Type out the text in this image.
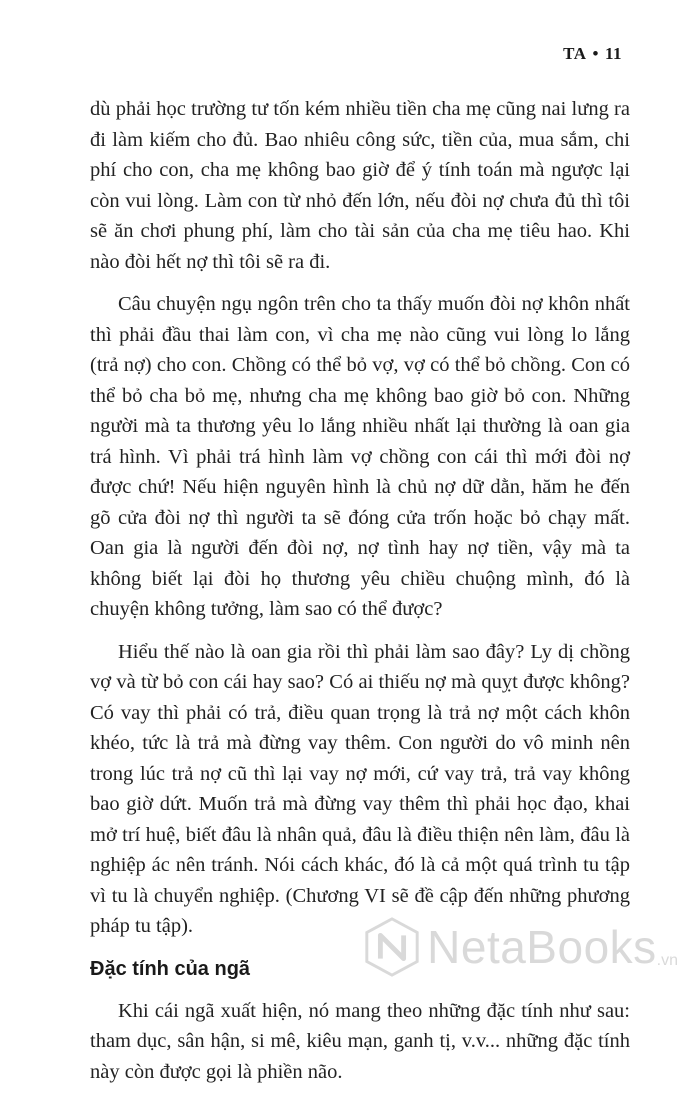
TA • 11

dù phải học trường tư tốn kém nhiều tiền cha mẹ cũng nai lưng ra đi làm kiếm cho đủ. Bao nhiêu công sức, tiền của, mua sắm, chi phí cho con, cha mẹ không bao giờ để ý tính toán mà ngược lại còn vui lòng. Làm con từ nhỏ đến lớn, nếu đòi nợ chưa đủ thì tôi sẽ ăn chơi phung phí, làm cho tài sản của cha mẹ tiêu hao. Khi nào đòi hết nợ thì tôi sẽ ra đi.

Câu chuyện ngụ ngôn trên cho ta thấy muốn đòi nợ khôn nhất thì phải đầu thai làm con, vì cha mẹ nào cũng vui lòng lo lắng (trả nợ) cho con. Chồng có thể bỏ vợ, vợ có thể bỏ chồng. Con có thể bỏ cha bỏ mẹ, nhưng cha mẹ không bao giờ bỏ con. Những người mà ta thương yêu lo lắng nhiều nhất lại thường là oan gia trá hình. Vì phải trá hình làm vợ chồng con cái thì mới đòi nợ được chứ! Nếu hiện nguyên hình là chủ nợ dữ dằn, hăm he đến gõ cửa đòi nợ thì người ta sẽ đóng cửa trốn hoặc bỏ chạy mất. Oan gia là người đến đòi nợ, nợ tình hay nợ tiền, vậy mà ta không biết lại đòi họ thương yêu chiều chuộng mình, đó là chuyện không tưởng, làm sao có thể được?

Hiểu thế nào là oan gia rồi thì phải làm sao đây? Ly dị chồng vợ và từ bỏ con cái hay sao? Có ai thiếu nợ mà quỵt được không? Có vay thì phải có trả, điều quan trọng là trả nợ một cách khôn khéo, tức là trả mà đừng vay thêm. Con người do vô minh nên trong lúc trả nợ cũ thì lại vay nợ mới, cứ vay trả, trả vay không bao giờ dứt. Muốn trả mà đừng vay thêm thì phải học đạo, khai mở trí huệ, biết đâu là nhân quả, đâu là điều thiện nên làm, đâu là nghiệp ác nên tránh. Nói cách khác, đó là cả một quá trình tu tập vì tu là chuyển nghiệp. (Chương VI sẽ đề cập đến những phương pháp tu tập).

Đặc tính của ngã

Khi cái ngã xuất hiện, nó mang theo những đặc tính như sau: tham dục, sân hận, si mê, kiêu mạn, ganh tị, v.v... những đặc tính này còn được gọi là phiền não.

NetaBooks .vn
